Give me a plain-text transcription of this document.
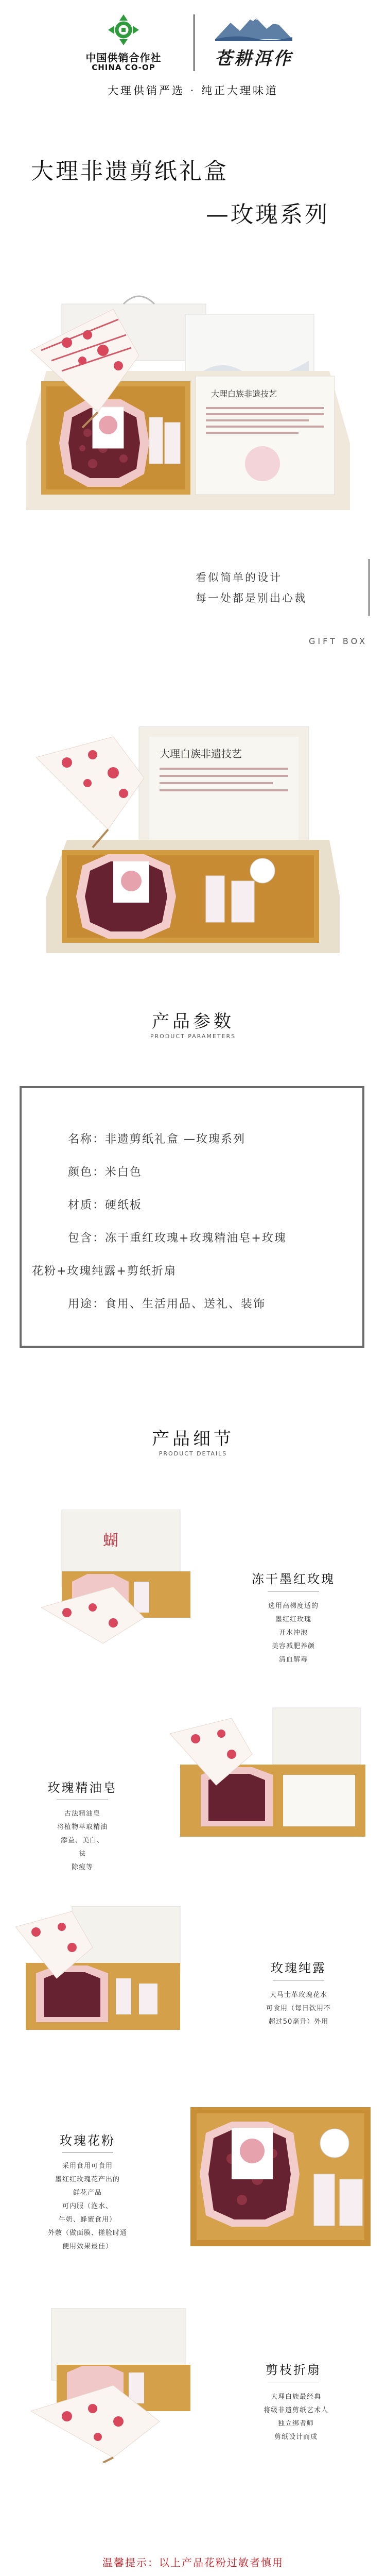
中国供销合作社
CHINA CO-OP	苍耕洱作
大理供销严选 · 纯正大理味道
大理非遗剪纸礼盒
—玫瑰系列
大理白族非遗技艺
看似简单的设计
每一处都是别出心裁
GIFT BOX
大理白族非遗技艺
产品参数
PRODUCT PARAMETERS
名称：非遗剪纸礼盒 —玫瑰系列
颜色：米白色
材质：硬纸板
包含：冻干重红玫瑰+玫瑰精油皂+玫瑰
花粉+玫瑰纯露+剪纸折扇
用途：食用、生活用品、送礼、装饰
产品细节
PRODUCT DETAILS
蝴
冻干墨红玫瑰
选用高梯度适的
墨红红玫瑰
开水冲泡
美容减肥养颜
清血解毒
玫瑰精油皂
古法精油皂
将植物萃取精油
添益、美白、
祛
除痘等
玫瑰纯露
大马士革玫瑰花水
可食用（每日饮用不
超过50毫升）外用
玫瑰花粉
采用食用可食用
墨红红玫瑰花产出的
鲜花产品
可内服（泡水、
牛奶、蜂蜜食用）
外敷（做面膜、搓脸时通
便用效果最佳）
剪枝折扇
大理白族最经典
将级非遗剪纸艺术人
独立绑者师
剪纸设计而成
温馨提示：以上产品花粉过敏者慎用
